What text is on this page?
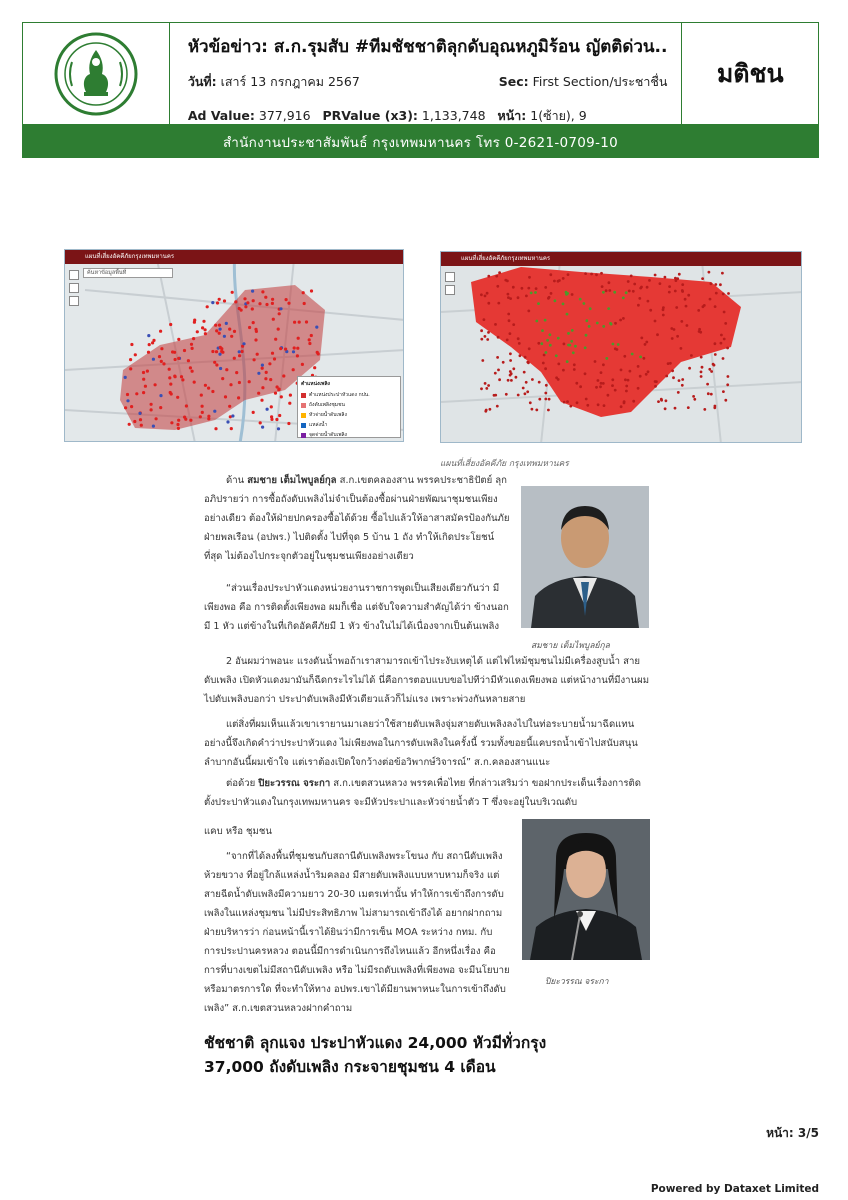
หัวข้อข่าว: ส.ก.รุมสับ #ทีมชัชชาติลุกดับอุณหภูมิร้อน ญัตติด่วน..
วันที่: เสาร์ 13 กรกฎาคม 2567	Sec: First Section/ประชาชื่น
Ad Value: 377,916 PRValue (x3): 1,133,748 หน้า: 1(ซ้าย), 9
มติชน
สำนักงานประชาสัมพันธ์ กรุงเทพมหานคร โทร 0-2621-0709-10
แผนที่เสี่ยงอัคคีภัยกรุงเทพมหานคร
ค้นหาข้อมูลพื้นที่
ตำแหน่งเพลิง
ตำแหน่งประปาหัวแดง กปน.
ถังดับเพลิงชุมชน
หัวจ่ายน้ำดับเพลิง
แหล่งน้ำ
จุดจ่ายน้ำดับเพลิง
แผนที่เสี่ยงอัคคีภัยกรุงเทพมหานคร
แผนที่เสี่ยงอัคคีภัย กรุงเทพมหานคร
ด้าน สมชาย เต็มไพบูลย์กุล ส.ก.เขตคลองสาน พรรคประชาธิปัตย์ ลุกอภิปรายว่า การซื้อถังดับเพลิงไม่จำเป็นต้องซื้อผ่านฝ่ายพัฒนาชุมชนเพียงอย่างเดียว ต้องให้ฝ่ายปกครองซื้อได้ด้วย ซื้อไปแล้วให้อาสาสมัครป้องกันภัยฝ่ายพลเรือน (อปพร.) ไปติดตั้ง ไปที่จุด 5 บ้าน 1 ถัง ทำให้เกิดประโยชน์ที่สุด ไม่ต้องไปกระจุกตัวอยู่ในชุมชนเพียงอย่างเดียว
“ส่วนเรื่องประปาหัวแดงหน่วยงานราชการพูดเป็นเสียงเดียวกันว่า มีเพียงพอ คือ การติดตั้งเพียงพอ ผมก็เชื่อ แต่จับใจความสำคัญได้ว่า ข้างนอกมี 1 หัว แต่ข้างในที่เกิดอัคคีภัยมี 1 หัว ข้างในไม่ได้เนื่องจากเป็นต้นเพลิง
2 อันผมว่าพอนะ แรงดันน้ำพอถ้าเราสามารถเข้าไประงับเหตุได้ แต่ไฟไหม้ชุมชนไม่มีเครื่องสูบน้ำ สายดับเพลิง เปิดหัวแดงมามันก็ฉีดกระไรไม่ได้ นี่คือการตอบแบบขอไปทีว่ามีหัวแดงเพียงพอ แต่หน้างานที่มีงานผมไปดับเพลิงบอกว่า ประปาดับเพลิงมีหัวเดียวแล้วก็ไม่แรง เพราะพ่วงกันหลายสาย
แต่สิ่งที่ผมเห็นแล้วเขาเรายานมาเลยว่าใช้สายดับเพลิงจุ่มสายดับเพลิงลงไปในท่อระบายน้ำมาฉีดแทน อย่างนี้จึงเกิดคำว่าประปาหัวแดง ไม่เพียงพอในการดับเพลิงในครั้งนี้ รวมทั้งขอยนี้แคบรถน้ำเข้าไปสนับสนุนลำบากอันนี้ผมเข้าใจ แต่เราต้องเปิดใจกว้างต่อข้อวิพากษ์วิจารณ์” ส.ก.คลองสานแนะ
ต่อด้วย ปิยะวรรณ จระกา ส.ก.เขตสวนหลวง พรรคเพื่อไทย ที่กล่าวเสริมว่า ขอฝากประเด็นเรื่องการติดตั้งประปาหัวแดงในกรุงเทพมหานคร จะมีหัวประปาและหัวจ่ายน้ำตัว T ซึ่งจะอยู่ในบริเวณดับ
แคบ หรือ ชุมชน
“จากที่ได้ลงพื้นที่ชุมชนกับสถานีดับเพลิงพระโขนง กับ สถานีดับเพลิงห้วยขวาง ที่อยู่ใกล้แหล่งน้ำริมคลอง มีสายดับเพลิงแบบหาบหามก็จริง แต่สายฉีดน้ำดับเพลิงมีความยาว 20-30 เมตรเท่านั้น ทำให้การเข้าถึงการดับเพลิงในแหล่งชุมชน ไม่มีประสิทธิภาพ ไม่สามารถเข้าถึงได้ อยากฝากถามฝ่ายบริหารว่า ก่อนหน้านี้เราได้ยินว่ามีการเซ็น MOA ระหว่าง กทม. กับ การประปานครหลวง ตอนนี้มีการดำเนินการถึงไหนแล้ว อีกหนึ่งเรื่อง คือ การที่บางเขตไม่มีสถานีดับเพลิง หรือ ไม่มีรถดับเพลิงที่เพียงพอ จะมีนโยบายหรือมาตรการใด ที่จะทำให้ทาง อปพร.เขาได้มียานพาหนะในการเข้าถึงดับเพลิง” ส.ก.เขตสวนหลวงฝากคำถาม
สมชาย เต็มไพบูลย์กุล
ปิยะวรรณ จระกา
ชัชชาติ ลุกแจง ประปาหัวแดง 24,000 หัวมีทั่วกรุง
37,000 ถังดับเพลิง กระจายชุมชน 4 เดือน
หน้า: 3/5
Powered by Dataxet Limited
